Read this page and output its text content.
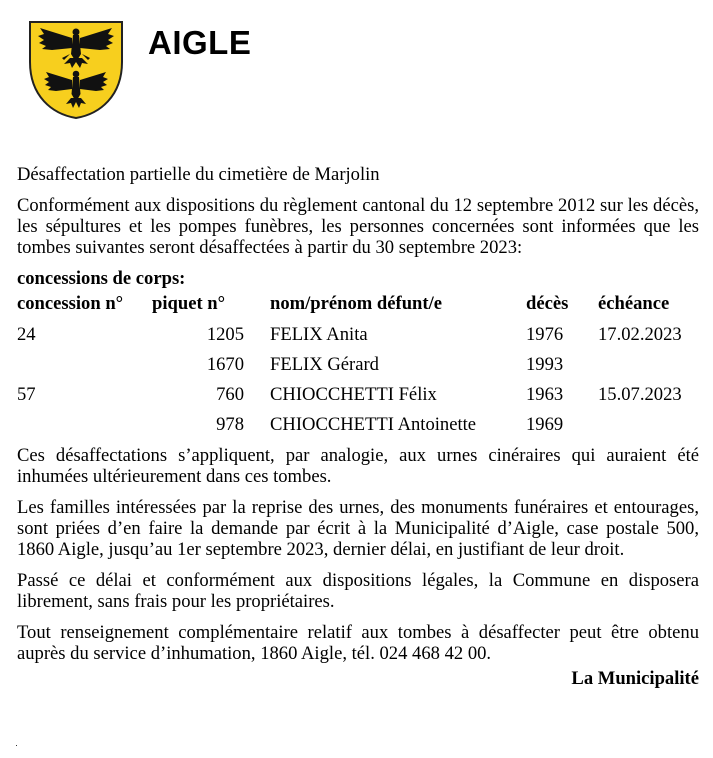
AIGLE
Désaffectation partielle du cimetière de Marjolin

Conformément aux dispositions du règlement cantonal du 12 septembre 2012 sur les décès, les sépultures et les pompes funèbres, les personnes concernées sont informées que les tombes suivantes seront désaffectées à partir du 30 septembre 2023:

concessions de corps:
concession n°	piquet n°	nom/prénom défunt/e	décès	échéance
24	1205	FELIX Anita	1976	17.02.2023
	1670	FELIX Gérard	1993	
57	760	CHIOCCHETTI Félix	1963	15.07.2023
	978	CHIOCCHETTI Antoinette	1969	

Ces désaffectations s’appliquent, par analogie, aux urnes cinéraires qui auraient été inhumées ultérieurement dans ces tombes.

Les familles intéressées par la reprise des urnes, des monuments funéraires et entourages, sont priées d’en faire la demande par écrit à la Municipalité d’Aigle, case postale 500, 1860 Aigle, jusqu’au 1er septembre 2023, dernier délai, en justifiant de leur droit.

Passé ce délai et conformément aux dispositions légales, la Commune en disposera librement, sans frais pour les propriétaires.

Tout renseignement complémentaire relatif aux tombes à désaffecter peut être obtenu auprès du service d’inhumation, 1860 Aigle, tél. 024 468 42 00.

La Municipalité
